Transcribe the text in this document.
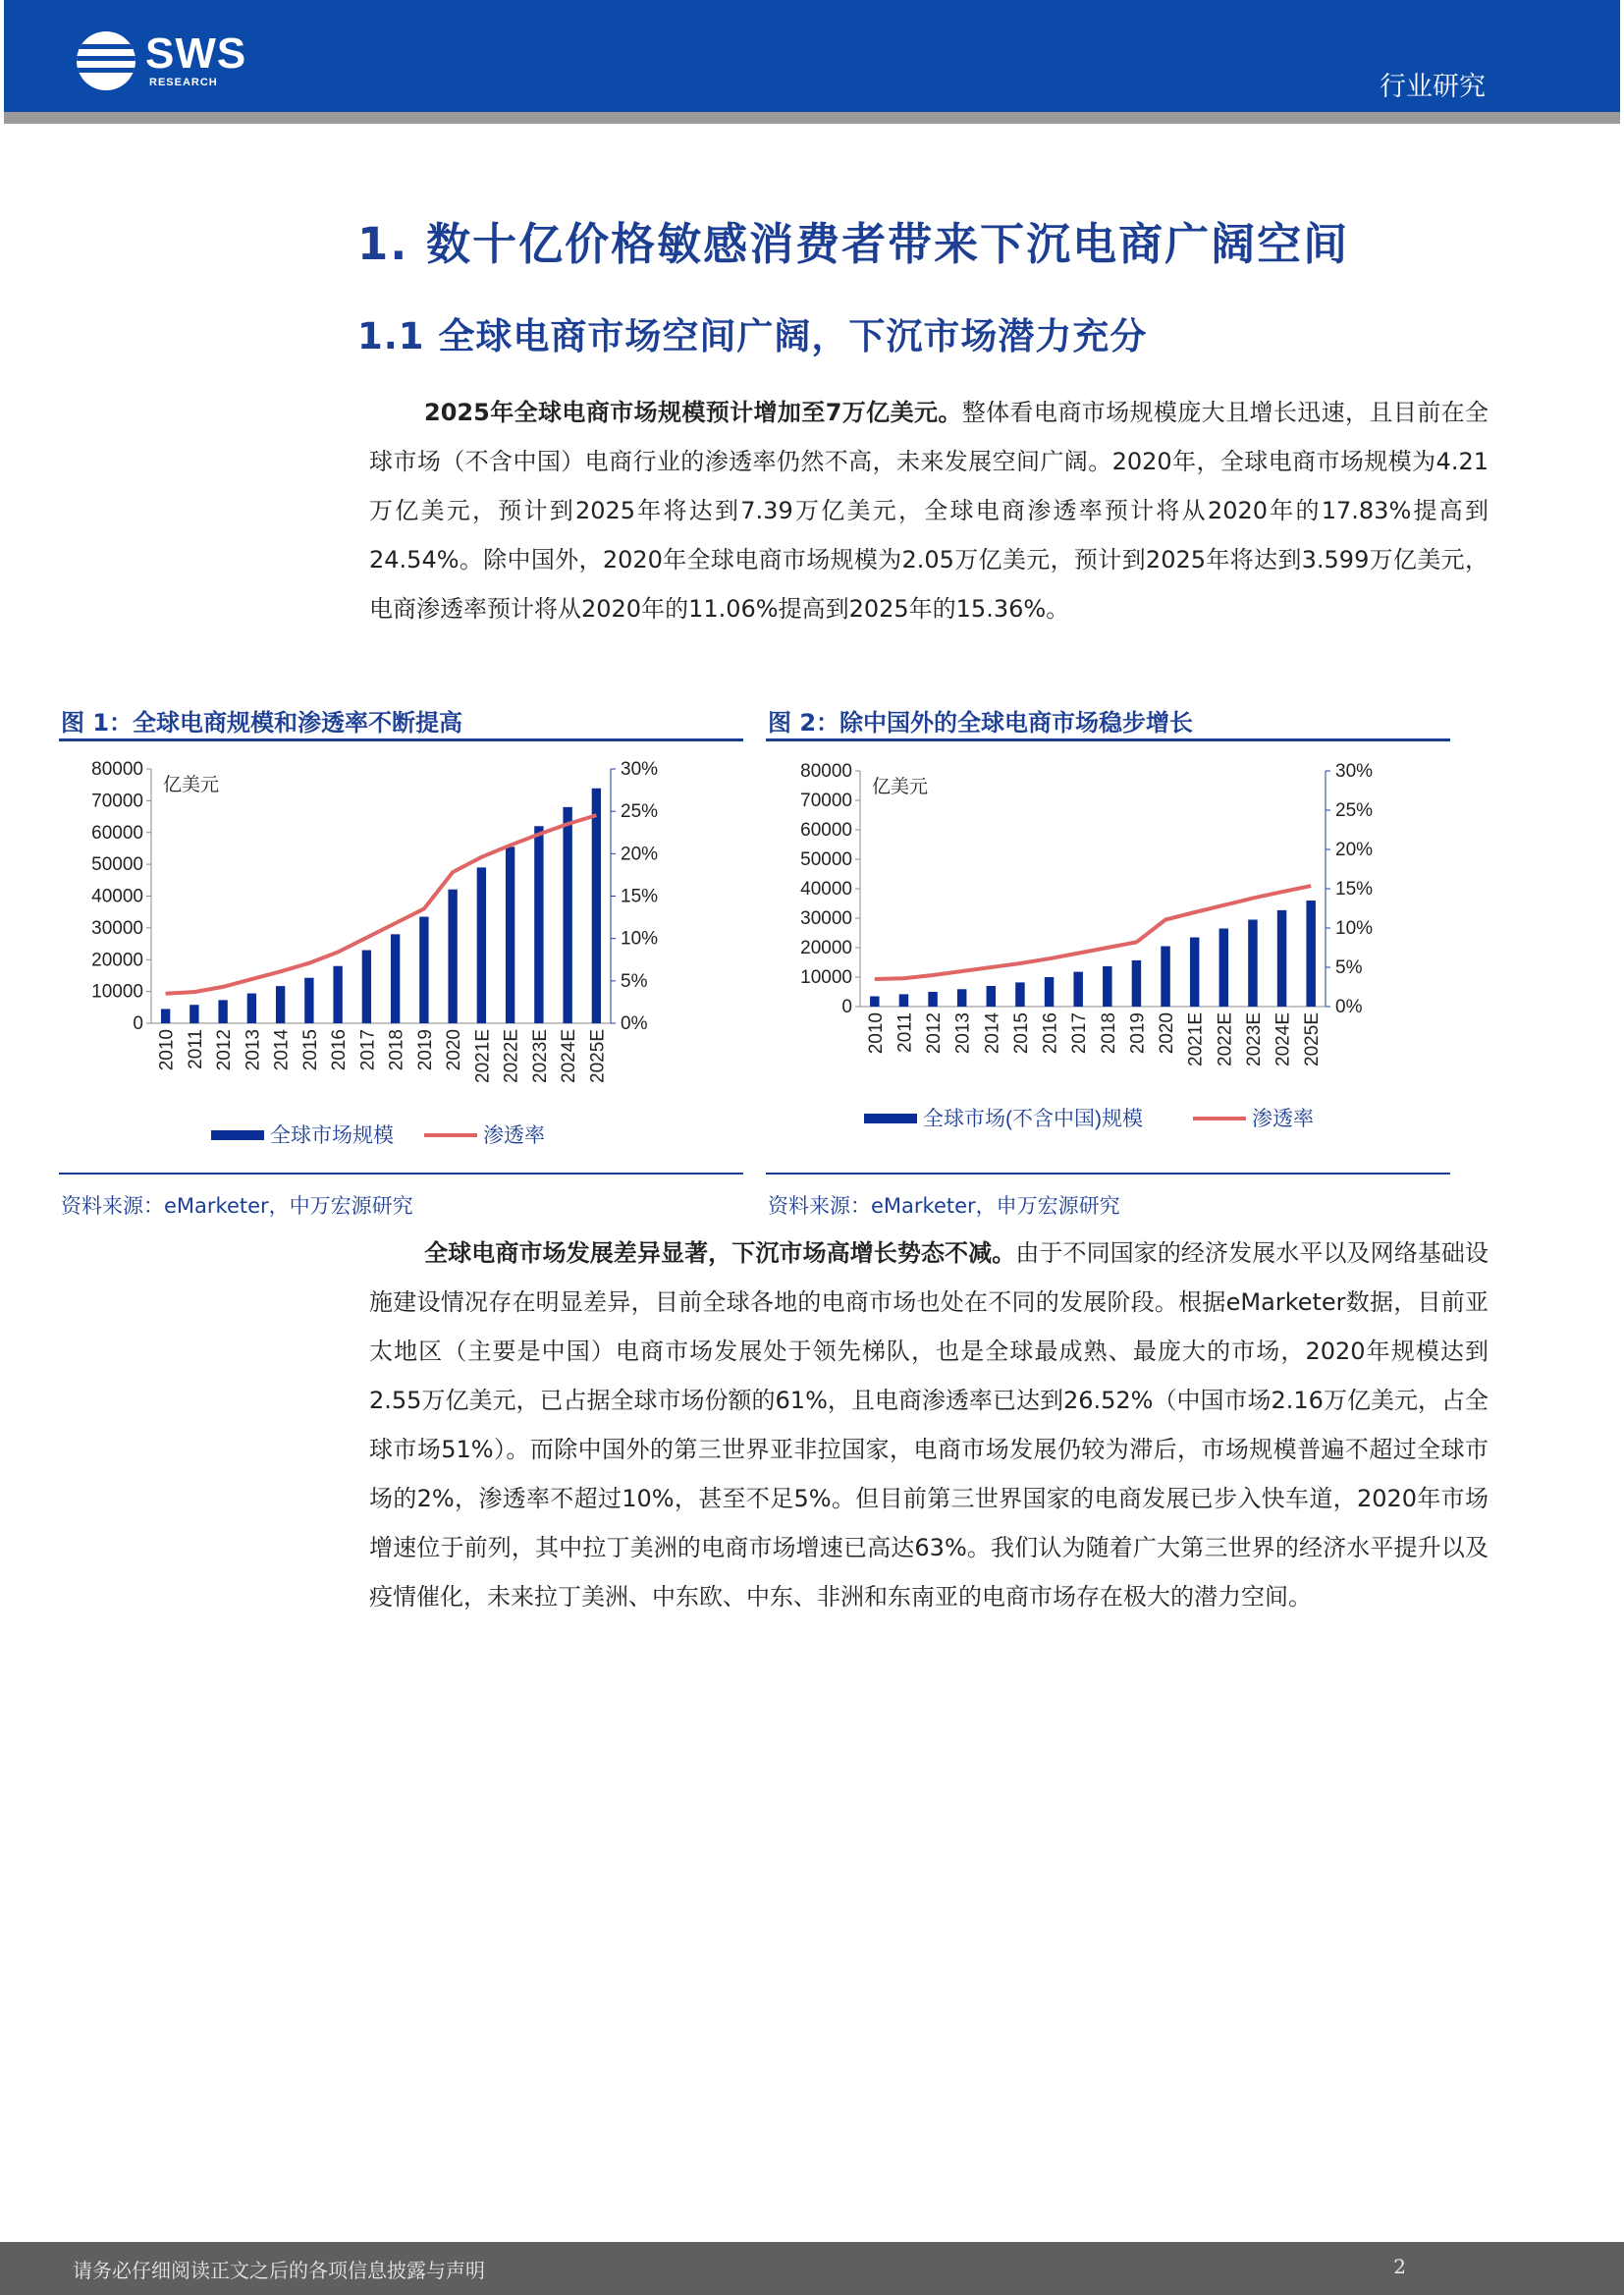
SWS
RESEARCH	行业研究
1. 数十亿价格敏感消费者带来下沉电商广阔空间
1.1 全球电商市场空间广阔，下沉市场潜力充分
2025年全球电商市场规模预计增加至7万亿美元。整体看电商市场规模庞大且增长迅速，且目前在全球市场（不含中国）电商行业的渗透率仍然不高，未来发展空间广阔。2020年，全球电商市场规模为4.21万亿美元，预计到2025年将达到7.39万亿美元，全球电商渗透率预计将从2020年的17.83%提高到24.54%。除中国外，2020年全球电商市场规模为2.05万亿美元，预计到2025年将达到3.599万亿美元，电商渗透率预计将从2020年的11.06%提高到2025年的15.36%。
图 1：全球电商规模和渗透率不断提高
0
10000
20000
30000
40000
50000
60000
70000
80000
0%
5%
10%
15%
20%
25%
30%
亿美元
2010 2011 2012 2013 2014 2015 2016 2017 2018 2019 2020 2021E 2022E 2023E 2024E 2025E
全球市场规模	渗透率
资料来源：eMarketer，中万宏源研究
图 2：除中国外的全球电商市场稳步增长
0
10000
20000
30000
40000
50000
60000
70000
80000
0%
5%
10%
15%
20%
25%
30%
亿美元
2010 2011 2012 2013 2014 2015 2016 2017 2018 2019 2020 2021E 2022E 2023E 2024E 2025E
全球市场(不含中国)规模	渗透率
资料来源：eMarketer，申万宏源研究
全球电商市场发展差异显著，下沉市场高增长势态不减。由于不同国家的经济发展水平以及网络基础设施建设情况存在明显差异，目前全球各地的电商市场也处在不同的发展阶段。根据eMarketer数据，目前亚太地区（主要是中国）电商市场发展处于领先梯队，也是全球最成熟、最庞大的市场，2020年规模达到2.55万亿美元，已占据全球市场份额的61%，且电商渗透率已达到26.52%（中国市场2.16万亿美元，占全球市场51%）。而除中国外的第三世界亚非拉国家，电商市场发展仍较为滞后，市场规模普遍不超过全球市场的2%，渗透率不超过10%，甚至不足5%。但目前第三世界国家的电商发展已步入快车道，2020年市场增速位于前列，其中拉丁美洲的电商市场增速已高达63%。我们认为随着广大第三世界的经济水平提升以及疫情催化，未来拉丁美洲、中东欧、中东、非洲和东南亚的电商市场存在极大的潜力空间。
请务必仔细阅读正文之后的各项信息披露与声明	2
